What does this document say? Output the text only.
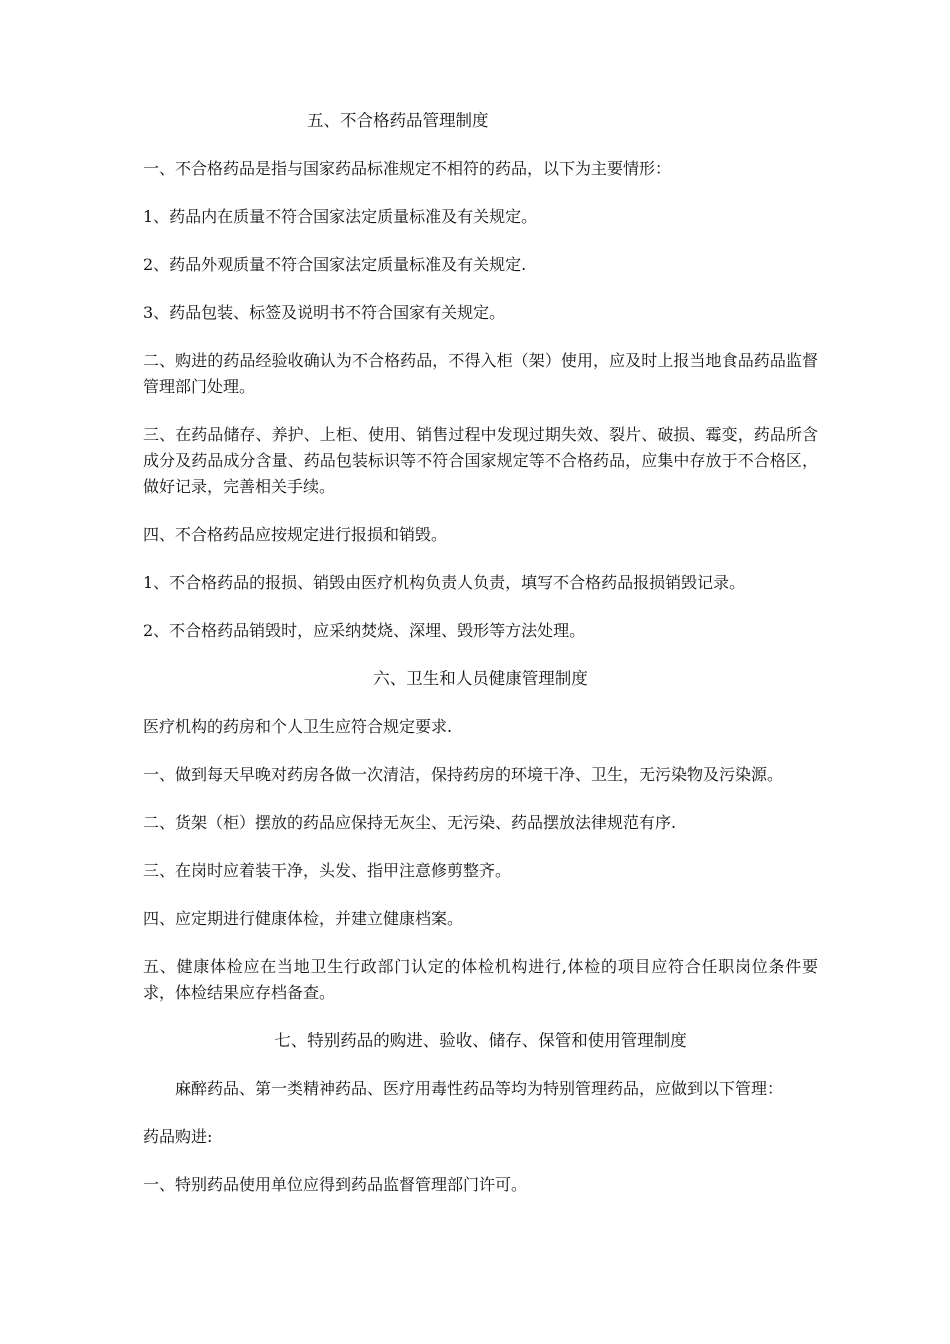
五、不合格药品管理制度
一、不合格药品是指与国家药品标准规定不相符的药品，以下为主要情形：
1、药品内在质量不符合国家法定质量标准及有关规定。
2、药品外观质量不符合国家法定质量标准及有关规定.
3、药品包装、标签及说明书不符合国家有关规定。
二、购进的药品经验收确认为不合格药品，不得入柜（架）使用，应及时上报当地食品药品监督管理部门处理。
三、在药品储存、养护、上柜、使用、销售过程中发现过期失效、裂片、破损、霉变，药品所含成分及药品成分含量、药品包装标识等不符合国家规定等不合格药品，应集中存放于不合格区，做好记录，完善相关手续。
四、不合格药品应按规定进行报损和销毁。
1、不合格药品的报损、销毁由医疗机构负责人负责，填写不合格药品报损销毁记录。
2、不合格药品销毁时，应采纳焚烧、深埋、毁形等方法处理。
六、卫生和人员健康管理制度
医疗机构的药房和个人卫生应符合规定要求.
一、做到每天早晚对药房各做一次清洁，保持药房的环境干净、卫生，无污染物及污染源。
二、货架（柜）摆放的药品应保持无灰尘、无污染、药品摆放法律规范有序.
三、在岗时应着装干净，头发、指甲注意修剪整齐。
四、应定期进行健康体检，并建立健康档案。
五、健康体检应在当地卫生行政部门认定的体检机构进行,体检的项目应符合任职岗位条件要求，体检结果应存档备查。
七、特别药品的购进、验收、储存、保管和使用管理制度
麻醉药品、第一类精神药品、医疗用毒性药品等均为特别管理药品，应做到以下管理：
药品购进:
一、特别药品使用单位应得到药品监督管理部门许可。
